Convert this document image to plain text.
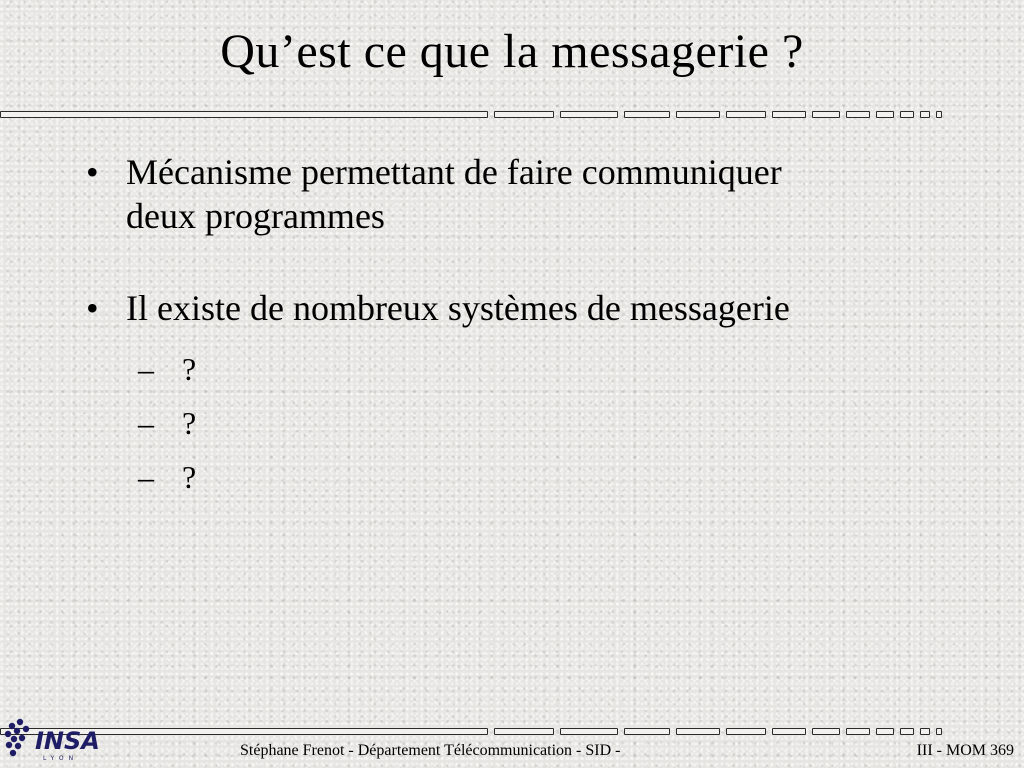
Qu’est ce que la messagerie ?
• Mécanisme permettant de faire communiquer deux programmes
• Il existe de nombreux systèmes de messagerie
– ?
– ?
– ?
INSA
LYON	Stéphane Frenot - Département Télécommunication - SID -	III - MOM 369
